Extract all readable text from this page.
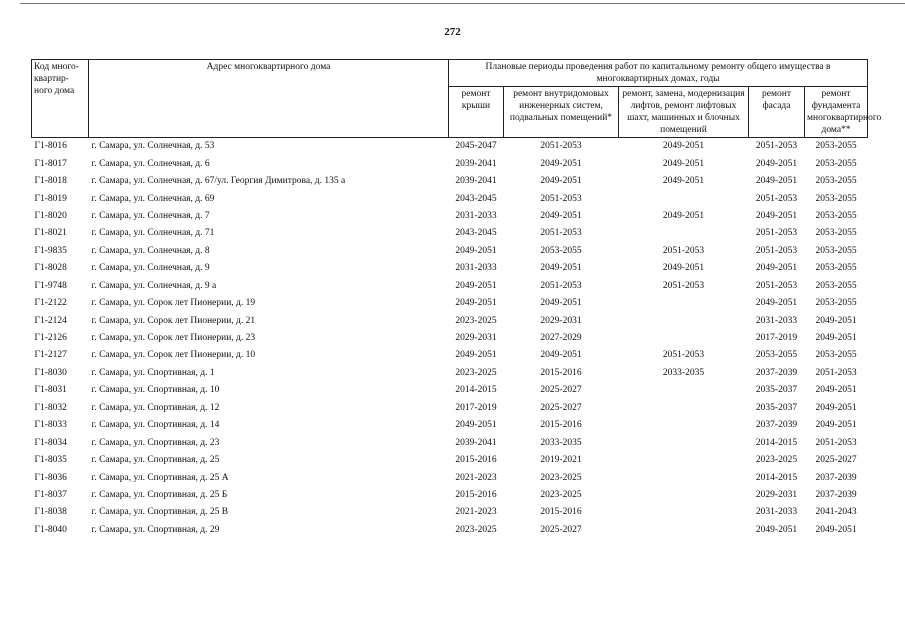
272
Код много-квартир-ного дома	Адрес многоквартирного дома	Плановые периоды проведения работ по капитальному ремонту общего имущества в многоквартирных домах, годы				
		ремонт крыши	ремонт внутридомовых инженерных систем, подвальных помещений*	ремонт, замена, модернизация лифтов, ремонт лифтовых шахт, машинных и блочных помещений	ремонт фасада	ремонт фундамента многоквартирного дома**
Г1-8016	г. Самара, ул. Солнечная, д. 53	2045-2047	2051-2053	2049-2051	2051-2053	2053-2055
Г1-8017	г. Самара, ул. Солнечная, д. 6	2039-2041	2049-2051	2049-2051	2049-2051	2053-2055
Г1-8018	г. Самара, ул. Солнечная, д. 67/ул. Георгия Димитрова, д. 135 а	2039-2041	2049-2051	2049-2051	2049-2051	2053-2055
Г1-8019	г. Самара, ул. Солнечная, д. 69	2043-2045	2051-2053		2051-2053	2053-2055
Г1-8020	г. Самара, ул. Солнечная, д. 7	2031-2033	2049-2051	2049-2051	2049-2051	2053-2055
Г1-8021	г. Самара, ул. Солнечная, д. 71	2043-2045	2051-2053		2051-2053	2053-2055
Г1-9835	г. Самара, ул. Солнечная, д. 8	2049-2051	2053-2055	2051-2053	2051-2053	2053-2055
Г1-8028	г. Самара, ул. Солнечная, д. 9	2031-2033	2049-2051	2049-2051	2049-2051	2053-2055
Г1-9748	г. Самара, ул. Солнечная, д. 9 а	2049-2051	2051-2053	2051-2053	2051-2053	2053-2055
Г1-2122	г. Самара, ул. Сорок лет Пионерии, д. 19	2049-2051	2049-2051		2049-2051	2053-2055
Г1-2124	г. Самара, ул. Сорок лет Пионерии, д. 21	2023-2025	2029-2031		2031-2033	2049-2051
Г1-2126	г. Самара, ул. Сорок лет Пионерии, д. 23	2029-2031	2027-2029		2017-2019	2049-2051
Г1-2127	г. Самара, ул. Сорок лет Пионерии, д. 10	2049-2051	2049-2051	2051-2053	2053-2055	2053-2055
Г1-8030	г. Самара, ул. Спортивная, д. 1	2023-2025	2015-2016	2033-2035	2037-2039	2051-2053
Г1-8031	г. Самара, ул. Спортивная, д. 10	2014-2015	2025-2027		2035-2037	2049-2051
Г1-8032	г. Самара, ул. Спортивная, д. 12	2017-2019	2025-2027		2035-2037	2049-2051
Г1-8033	г. Самара, ул. Спортивная, д. 14	2049-2051	2015-2016		2037-2039	2049-2051
Г1-8034	г. Самара, ул. Спортивная, д. 23	2039-2041	2033-2035		2014-2015	2051-2053
Г1-8035	г. Самара, ул. Спортивная, д. 25	2015-2016	2019-2021		2023-2025	2025-2027
Г1-8036	г. Самара, ул. Спортивная, д. 25 А	2021-2023	2023-2025		2014-2015	2037-2039
Г1-8037	г. Самара, ул. Спортивная, д. 25 Б	2015-2016	2023-2025		2029-2031	2037-2039
Г1-8038	г. Самара, ул. Спортивная, д. 25 В	2021-2023	2015-2016		2031-2033	2041-2043
Г1-8040	г. Самара, ул. Спортивная, д. 29	2023-2025	2025-2027		2049-2051	2049-2051
